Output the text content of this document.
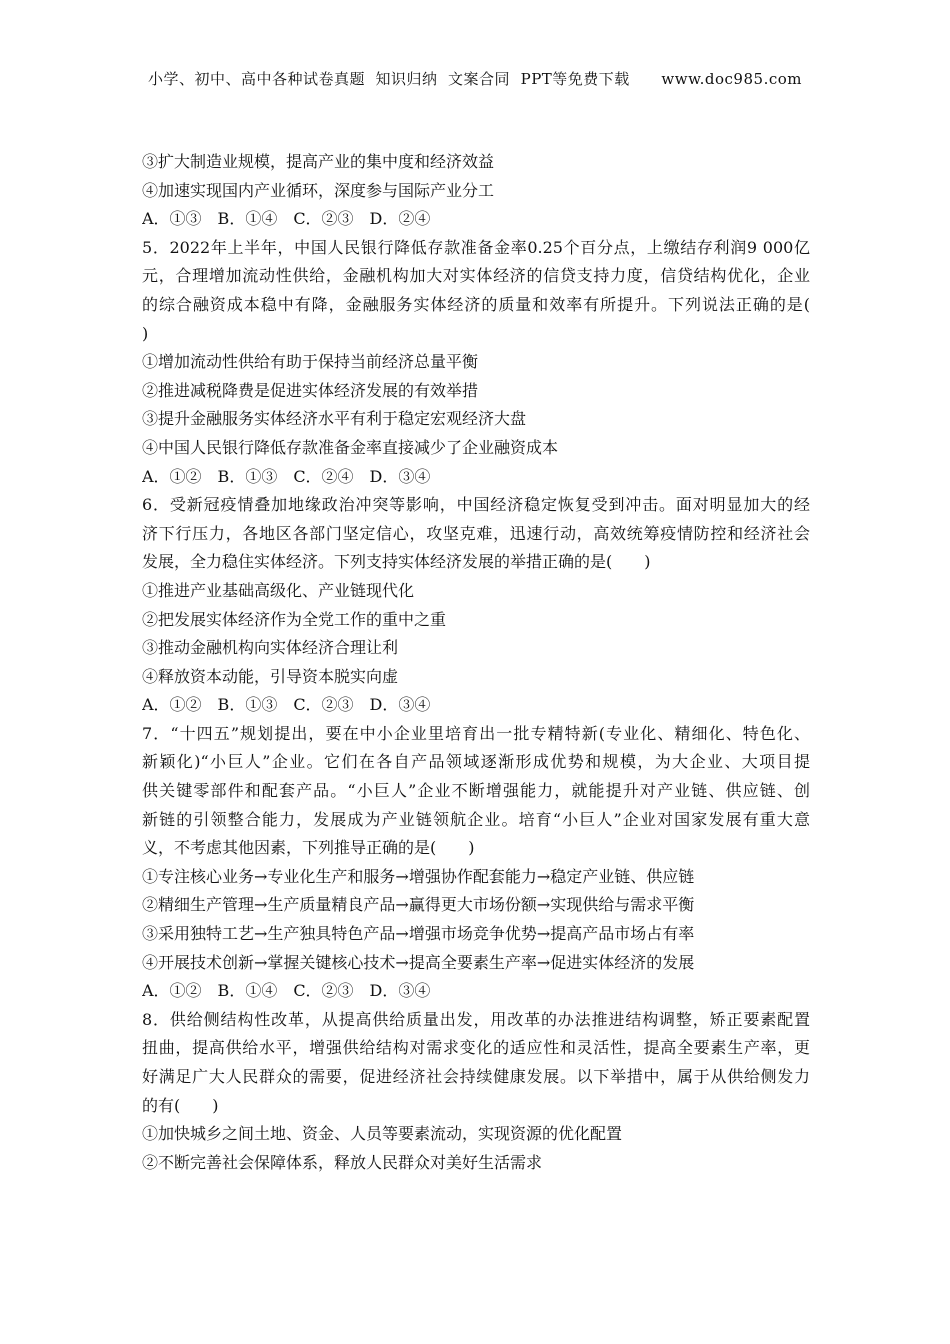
小学、初中、高中各种试卷真题  知识归纳  文案合同  PPT等免费下载      www.doc985.com
③扩大制造业规模，提高产业的集中度和经济效益
④加速实现国内产业循环，深度参与国际产业分工
A．①③　B．①④　C．②③　D．②④
5．2022年上半年，中国人民银行降低存款准备金率0.25个百分点，上缴结存利润9 000亿
元，合理增加流动性供给，金融机构加大对实体经济的信贷支持力度，信贷结构优化，企业
的综合融资成本稳中有降，金融服务实体经济的质量和效率有所提升。下列说法正确的是(
)
①增加流动性供给有助于保持当前经济总量平衡
②推进减税降费是促进实体经济发展的有效举措
③提升金融服务实体经济水平有利于稳定宏观经济大盘
④中国人民银行降低存款准备金率直接减少了企业融资成本
A．①②　B．①③　C．②④　D．③④
6．受新冠疫情叠加地缘政治冲突等影响，中国经济稳定恢复受到冲击。面对明显加大的经
济下行压力，各地区各部门坚定信心，攻坚克难，迅速行动，高效统筹疫情防控和经济社会
发展，全力稳住实体经济。下列支持实体经济发展的举措正确的是(　　)
①推进产业基础高级化、产业链现代化
②把发展实体经济作为全党工作的重中之重
③推动金融机构向实体经济合理让利
④释放资本动能，引导资本脱实向虚
A．①②　B．①③　C．②③　D．③④
7．“十四五”规划提出，要在中小企业里培育出一批专精特新(专业化、精细化、特色化、
新颖化)“小巨人”企业。它们在各自产品领域逐渐形成优势和规模，为大企业、大项目提
供关键零部件和配套产品。“小巨人”企业不断增强能力，就能提升对产业链、供应链、创
新链的引领整合能力，发展成为产业链领航企业。培育“小巨人”企业对国家发展有重大意
义，不考虑其他因素，下列推导正确的是(　　)
①专注核心业务→专业化生产和服务→增强协作配套能力→稳定产业链、供应链
②精细生产管理→生产质量精良产品→赢得更大市场份额→实现供给与需求平衡
③采用独特工艺→生产独具特色产品→增强市场竞争优势→提高产品市场占有率
④开展技术创新→掌握关键核心技术→提高全要素生产率→促进实体经济的发展
A．①②　B．①④　C．②③　D．③④
8．供给侧结构性改革，从提高供给质量出发，用改革的办法推进结构调整，矫正要素配置
扭曲，提高供给水平，增强供给结构对需求变化的适应性和灵活性，提高全要素生产率，更
好满足广大人民群众的需要，促进经济社会持续健康发展。以下举措中，属于从供给侧发力
的有(　　)
①加快城乡之间土地、资金、人员等要素流动，实现资源的优化配置
②不断完善社会保障体系，释放人民群众对美好生活需求
